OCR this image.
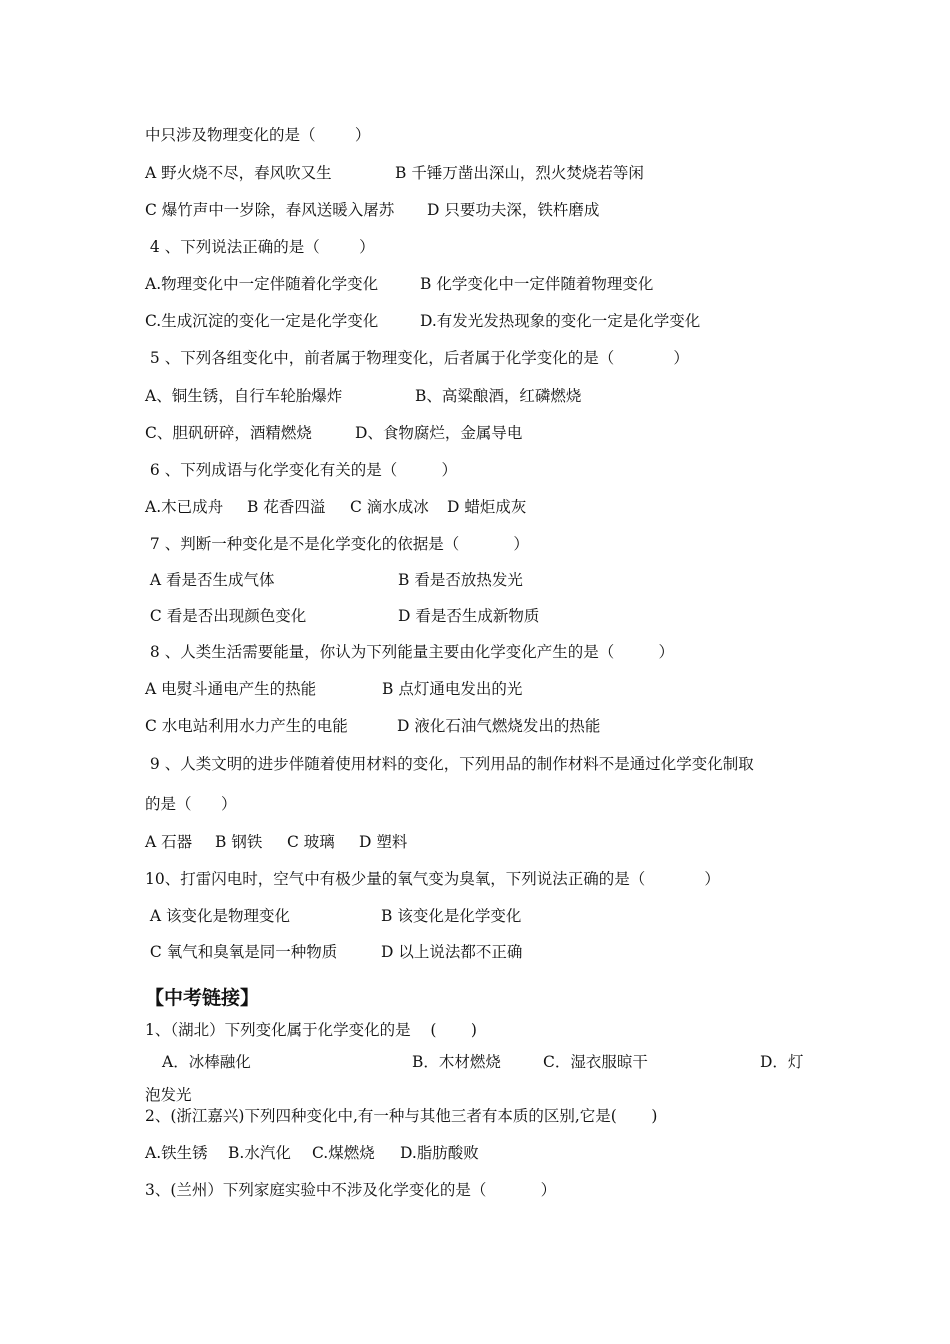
中只涉及物理变化的是（        ）
A 野火烧不尽，春风吹又生	B 千锤万凿出深山，烈火焚烧若等闲
C 爆竹声中一岁除，春风送暖入屠苏 D 只要功夫深，铁杵磨成
4 、下列说法正确的是（        ）
A.物理变化中一定伴随着化学变化	B 化学变化中一定伴随着物理变化
C.生成沉淀的变化一定是化学变化	D.有发光发热现象的变化一定是化学变化
5 、下列各组变化中，前者属于物理变化，后者属于化学变化的是（            ）
A、铜生锈，自行车轮胎爆炸	B、高粱酿酒，红磷燃烧
C、胆矾研碎，酒精燃烧	D、食物腐烂，金属导电
6 、下列成语与化学变化有关的是（         ）
A.木已成舟 B 花香四溢 C 滴水成冰 D 蜡炬成灰
7 、判断一种变化是不是化学变化的依据是（           ）
A 看是否生成气体	B 看是否放热发光
C 看是否出现颜色变化	D 看是否生成新物质
8 、人类生活需要能量，你认为下列能量主要由化学变化产生的是（         ）
A 电熨斗通电产生的热能	B 点灯通电发出的光
C 水电站利用水力产生的电能	D 液化石油气燃烧发出的热能
9 、人类文明的进步伴随着使用材料的变化，下列用品的制作材料不是通过化学变化制取
的是（      ）
A 石器 B 钢铁 C 玻璃 D 塑料
10、打雷闪电时，空气中有极少量的氧气变为臭氧，下列说法正确的是（            ）
A 该变化是物理变化	B 该变化是化学变化
C 氧气和臭氧是同一种物质	D 以上说法都不正确
【中考链接】
1、（湖北）下列变化属于化学变化的是    (       )
A．冰棒融化	B．木材燃烧	C．湿衣服晾干	D．灯
泡发光
2、(浙江嘉兴)下列四种变化中,有一种与其他三者有本质的区别,它是(       )
A.铁生锈 B.水汽化 C.煤燃烧 D.脂肪酸败
3、(兰州）下列家庭实验中不涉及化学变化的是（           ）
